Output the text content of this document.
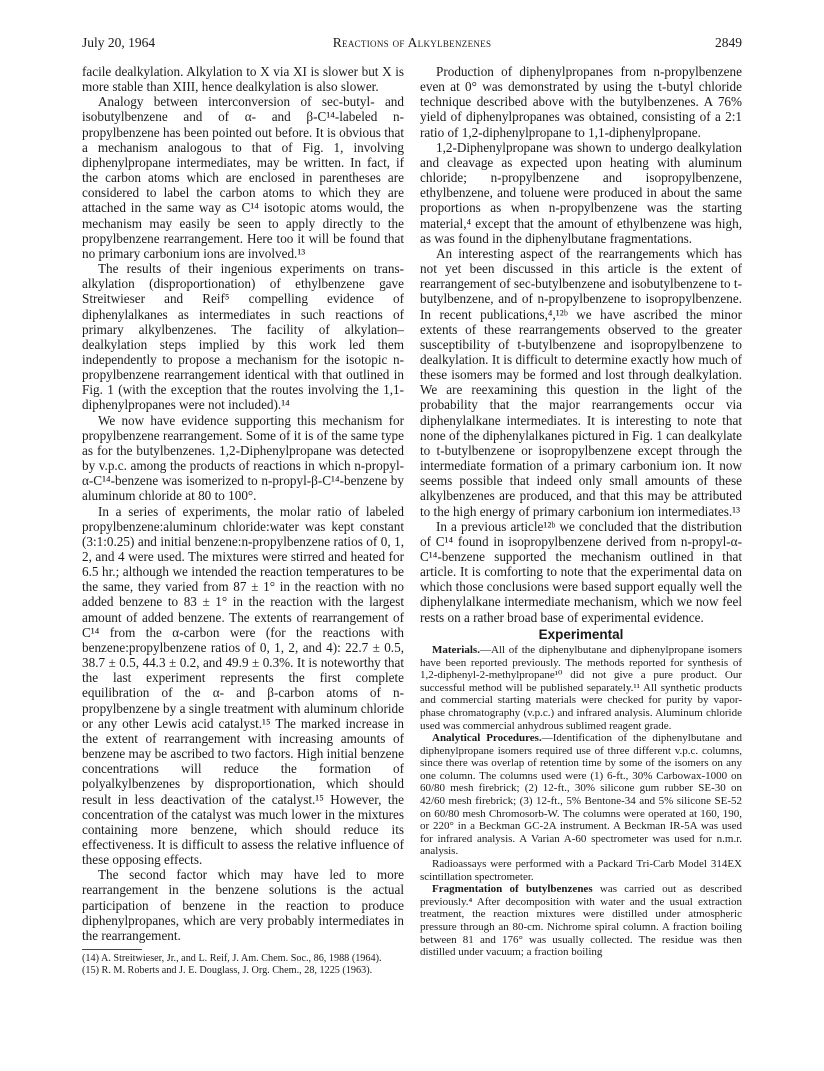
July 20, 1964	Reactions of Alkylbenzenes	2849

facile dealkylation. Alkylation to X via XI is slower but X is more stable than XIII, hence dealkylation is also slower.

Analogy between interconversion of sec-butyl- and isobutylbenzene and of α- and β-C¹⁴-labeled n-propylbenzene has been pointed out before. It is obvious that a mechanism analogous to that of Fig. 1, involving diphenylpropane intermediates, may be written. In fact, if the carbon atoms which are enclosed in parentheses are considered to label the carbon atoms to which they are attached in the same way as C¹⁴ isotopic atoms would, the mechanism may easily be seen to apply directly to the propylbenzene rearrangement. Here too it will be found that no primary carbonium ions are involved.¹³

The results of their ingenious experiments on trans-alkylation (disproportionation) of ethylbenzene gave Streitwieser and Reif⁵ compelling evidence of diphenylalkanes as intermediates in such reactions of primary alkylbenzenes. The facility of alkylation–dealkylation steps implied by this work led them independently to propose a mechanism for the isotopic n-propylbenzene rearrangement identical with that outlined in Fig. 1 (with the exception that the routes involving the 1,1-diphenylpropanes were not included).¹⁴

We now have evidence supporting this mechanism for propylbenzene rearrangement. Some of it is of the same type as for the butylbenzenes. 1,2-Diphenylpropane was detected by v.p.c. among the products of reactions in which n-propyl-α-C¹⁴-benzene was isomerized to n-propyl-β-C¹⁴-benzene by aluminum chloride at 80 to 100°.

In a series of experiments, the molar ratio of labeled propylbenzene:aluminum chloride:water was kept constant (3:1:0.25) and initial benzene:n-propylbenzene ratios of 0, 1, 2, and 4 were used. The mixtures were stirred and heated for 6.5 hr.; although we intended the reaction temperatures to be the same, they varied from 87 ± 1° in the reaction with no added benzene to 83 ± 1° in the reaction with the largest amount of added benzene. The extents of rearrangement of C¹⁴ from the α-carbon were (for the reactions with benzene:propylbenzene ratios of 0, 1, 2, and 4): 22.7 ± 0.5, 38.7 ± 0.5, 44.3 ± 0.2, and 49.9 ± 0.3%. It is noteworthy that the last experiment represents the first complete equilibration of the α- and β-carbon atoms of n-propylbenzene by a single treatment with aluminum chloride or any other Lewis acid catalyst.¹⁵ The marked increase in the extent of rearrangement with increasing amounts of benzene may be ascribed to two factors. High initial benzene concentrations will reduce the formation of polyalkylbenzenes by disproportionation, which should result in less deactivation of the catalyst.¹⁵ However, the concentration of the catalyst was much lower in the mixtures containing more benzene, which should reduce its effectiveness. It is difficult to assess the relative influence of these opposing effects.

The second factor which may have led to more rearrangement in the benzene solutions is the actual participation of benzene in the reaction to produce diphenylpropanes, which are very probably intermediates in the rearrangement.

(14) A. Streitwieser, Jr., and L. Reif, J. Am. Chem. Soc., 86, 1988 (1964).

(15) R. M. Roberts and J. E. Douglass, J. Org. Chem., 28, 1225 (1963).

Production of diphenylpropanes from n-propylbenzene even at 0° was demonstrated by using the t-butyl chloride technique described above with the butylbenzenes. A 76% yield of diphenylpropanes was obtained, consisting of a 2:1 ratio of 1,2-diphenylpropane to 1,1-diphenylpropane.

1,2-Diphenylpropane was shown to undergo dealkylation and cleavage as expected upon heating with aluminum chloride; n-propylbenzene and isopropylbenzene, ethylbenzene, and toluene were produced in about the same proportions as when n-propylbenzene was the starting material,⁴ except that the amount of ethylbenzene was high, as was found in the diphenylbutane fragmentations.

An interesting aspect of the rearrangements which has not yet been discussed in this article is the extent of rearrangement of sec-butylbenzene and isobutylbenzene to t-butylbenzene, and of n-propylbenzene to isopropylbenzene. In recent publications,⁴,¹²ᵇ we have ascribed the minor extents of these rearrangements observed to the greater susceptibility of t-butylbenzene and isopropylbenzene to dealkylation. It is difficult to determine exactly how much of these isomers may be formed and lost through dealkylation. We are reexamining this question in the light of the probability that the major rearrangements occur via diphenylalkane intermediates. It is interesting to note that none of the diphenylalkanes pictured in Fig. 1 can dealkylate to t-butylbenzene or isopropylbenzene except through the intermediate formation of a primary carbonium ion. It now seems possible that indeed only small amounts of these alkylbenzenes are produced, and that this may be attributed to the high energy of primary carbonium ion intermediates.¹³

In a previous article¹²ᵇ we concluded that the distribution of C¹⁴ found in isopropylbenzene derived from n-propyl-α-C¹⁴-benzene supported the mechanism outlined in that article. It is comforting to note that the experimental data on which those conclusions were based support equally well the diphenylalkane intermediate mechanism, which we now feel rests on a rather broad base of experimental evidence.

Experimental

Materials.—All of the diphenylbutane and diphenylpropane isomers have been reported previously. The methods reported for synthesis of 1,2-diphenyl-2-methylpropane¹⁰ did not give a pure product. Our successful method will be published separately.¹¹ All synthetic products and commercial starting materials were checked for purity by vapor-phase chromatography (v.p.c.) and infrared analysis. Aluminum chloride used was commercial anhydrous sublimed reagent grade.

Analytical Procedures.—Identification of the diphenylbutane and diphenylpropane isomers required use of three different v.p.c. columns, since there was overlap of retention time by some of the isomers on any one column. The columns used were (1) 6-ft., 30% Carbowax-1000 on 60/80 mesh firebrick; (2) 12-ft., 30% silicone gum rubber SE-30 on 42/60 mesh firebrick; (3) 12-ft., 5% Bentone-34 and 5% silicone SE-52 on 60/80 mesh Chromosorb-W. The columns were operated at 160, 190, or 220° in a Beckman GC-2A instrument. A Beckman IR-5A was used for infrared analysis. A Varian A-60 spectrometer was used for n.m.r. analysis.

Radioassays were performed with a Packard Tri-Carb Model 314EX scintillation spectrometer.

Fragmentation of butylbenzenes was carried out as described previously.⁴ After decomposition with water and the usual extraction treatment, the reaction mixtures were distilled under atmospheric pressure through an 80-cm. Nichrome spiral column. A fraction boiling between 81 and 176° was usually collected. The residue was then distilled under vacuum; a fraction boiling
